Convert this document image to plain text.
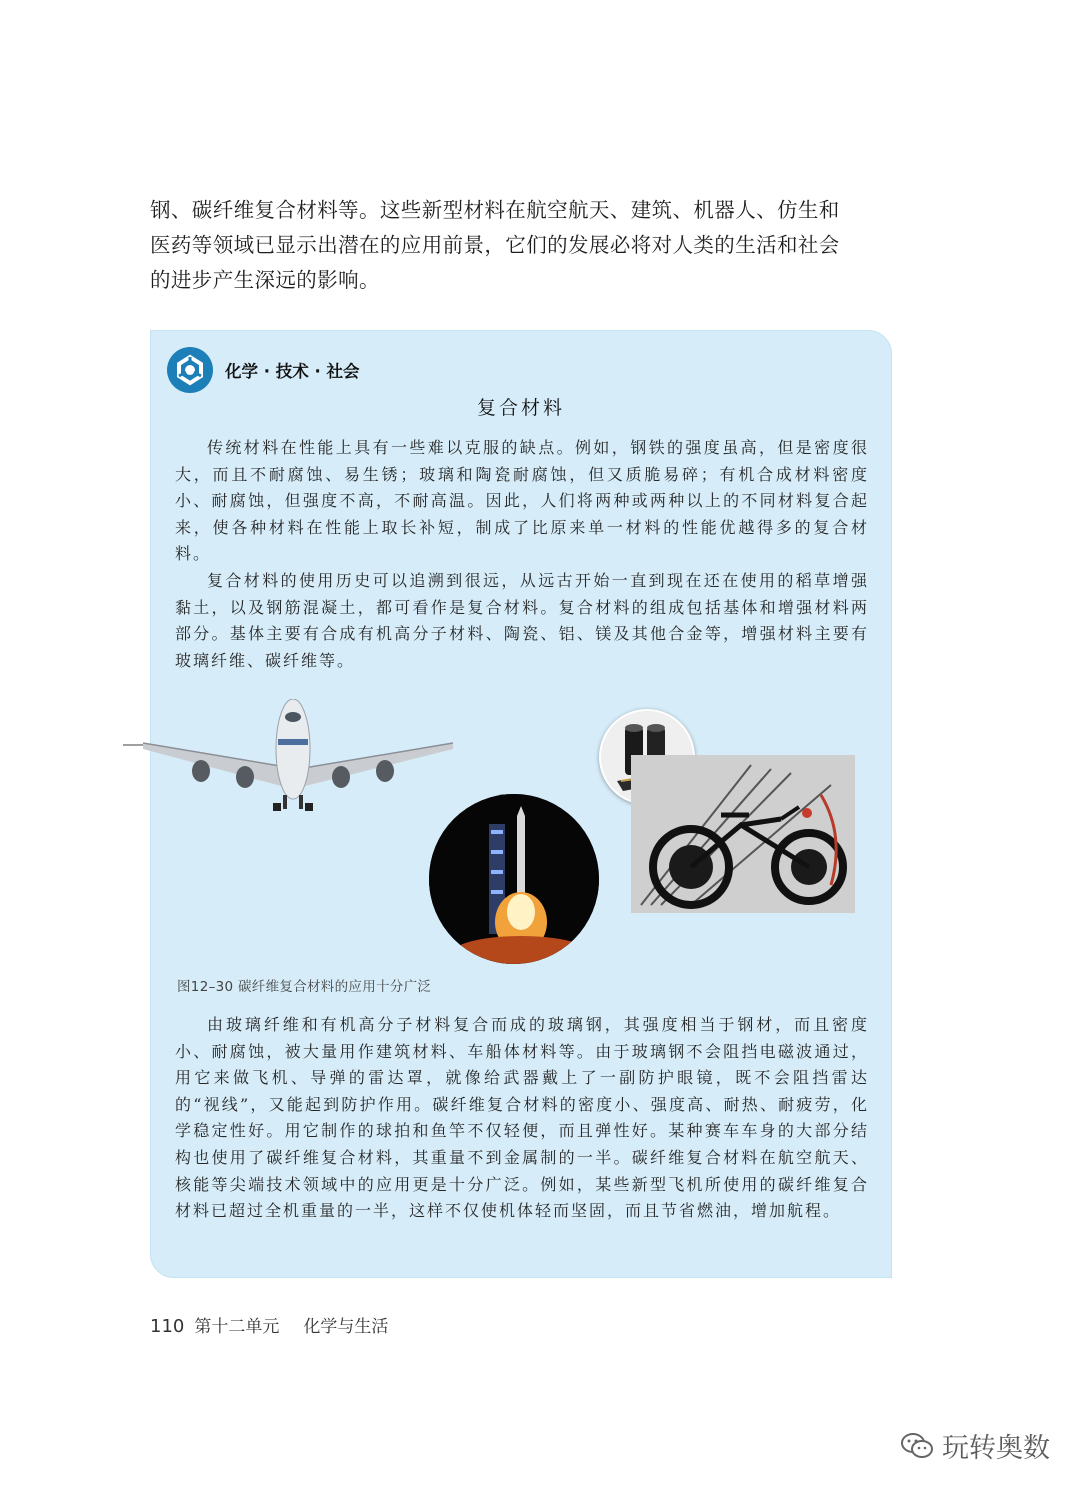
钢、碳纤维复合材料等。这些新型材料在航空航天、建筑、机器人、仿生和

医药等领域已显示出潜在的应用前景，它们的发展必将对人类的生活和社会

的进步产生深远的影响。

化学 · 技术 · 社会
复合材料

传统材料在性能上具有一些难以克服的缺点。例如，钢铁的强度虽高，但是密度很大，而且不耐腐蚀、易生锈；玻璃和陶瓷耐腐蚀，但又质脆易碎；有机合成材料密度小、耐腐蚀，但强度不高，不耐高温。因此，人们将两种或两种以上的不同材料复合起来，使各种材料在性能上取长补短，制成了比原来单一材料的性能优越得多的复合材料。

复合材料的使用历史可以追溯到很远，从远古开始一直到现在还在使用的稻草增强黏土，以及钢筋混凝土，都可看作是复合材料。复合材料的组成包括基体和增强材料两部分。基体主要有合成有机高分子材料、陶瓷、铝、镁及其他合金等，增强材料主要有玻璃纤维、碳纤维等。

图12–30 碳纤维复合材料的应用十分广泛

由玻璃纤维和有机高分子材料复合而成的玻璃钢，其强度相当于钢材，而且密度小、耐腐蚀，被大量用作建筑材料、车船体材料等。由于玻璃钢不会阻挡电磁波通过，用它来做飞机、导弹的雷达罩，就像给武器戴上了一副防护眼镜，既不会阻挡雷达的“视线”，又能起到防护作用。碳纤维复合材料的密度小、强度高、耐热、耐疲劳，化学稳定性好。用它制作的球拍和鱼竿不仅轻便，而且弹性好。某种赛车车身的大部分结构也使用了碳纤维复合材料，其重量不到金属制的一半。碳纤维复合材料在航空航天、核能等尖端技术领域中的应用更是十分广泛。例如，某些新型飞机所使用的碳纤维复合材料已超过全机重量的一半，这样不仅使机体轻而坚固，而且节省燃油，增加航程。

110 第十二单元 化学与生活
玩转奥数
